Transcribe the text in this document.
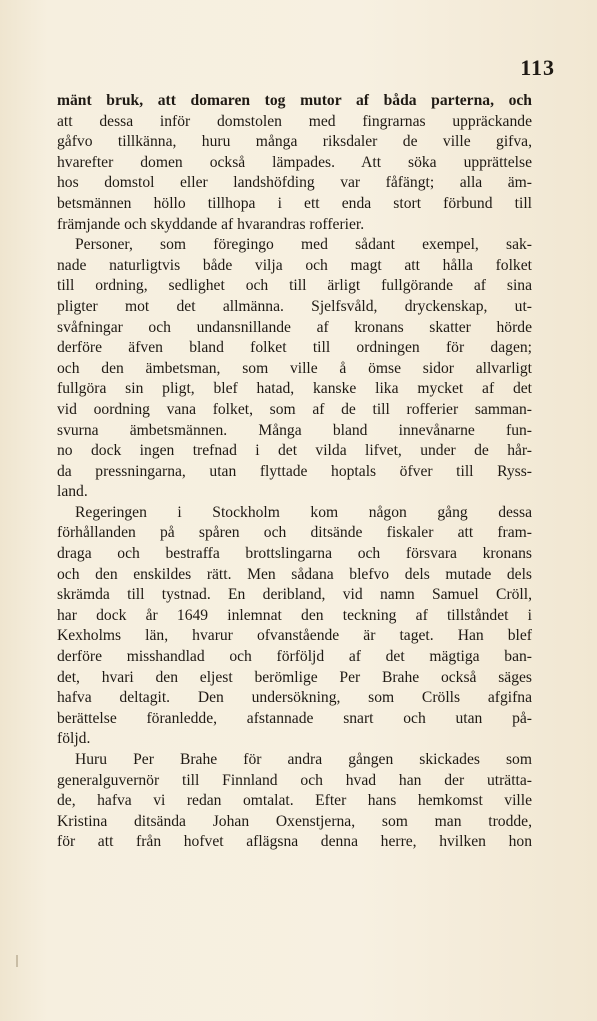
113
mänt bruk, att domaren tog mutor af båda parterna, och
att dessa inför domstolen med fingrarnas uppräckande
gåfvo tillkänna, huru många riksdaler de ville gifva,
hvarefter domen också lämpades. Att söka upprättelse
hos domstol eller landshöfding var fåfängt; alla äm-
betsmännen höllo tillhopa i ett enda stort förbund till
främjande och skyddande af hvarandras rofferier.
Personer, som föregingo med sådant exempel, sak-
nade naturligtvis både vilja och magt att hålla folket
till ordning, sedlighet och till ärligt fullgörande af sina
pligter mot det allmänna. Sjelfsvåld, dryckenskap, ut-
svåfningar och undansnillande af kronans skatter hörde
derföre äfven bland folket till ordningen för dagen;
och den ämbetsman, som ville å ömse sidor allvarligt
fullgöra sin pligt, blef hatad, kanske lika mycket af det
vid oordning vana folket, som af de till rofferier samman-
svurna ämbetsmännen. Många bland innevånarne fun-
no dock ingen trefnad i det vilda lifvet, under de hår-
da pressningarna, utan flyttade hoptals öfver till Ryss-
land.
Regeringen i Stockholm kom någon gång dessa
förhållanden på spåren och ditsände fiskaler att fram-
draga och bestraffa brottslingarna och försvara kronans
och den enskildes rätt. Men sådana blefvo dels mutade dels
skrämda till tystnad. En deribland, vid namn Samuel Cröll,
har dock år 1649 inlemnat den teckning af tillståndet i
Kexholms län, hvarur ofvanstående är taget. Han blef
derföre misshandlad och förföljd af det mägtiga ban-
det, hvari den eljest berömlige Per Brahe också säges
hafva deltagit. Den undersökning, som Crölls afgifna
berättelse föranledde, afstannade snart och utan på-
följd.
Huru Per Brahe för andra gången skickades som
generalguvernör till Finnland och hvad han der uträtta-
de, hafva vi redan omtalat. Efter hans hemkomst ville
Kristina ditsända Johan Oxenstjerna, som man trodde,
för att från hofvet aflägsna denna herre, hvilken hon
